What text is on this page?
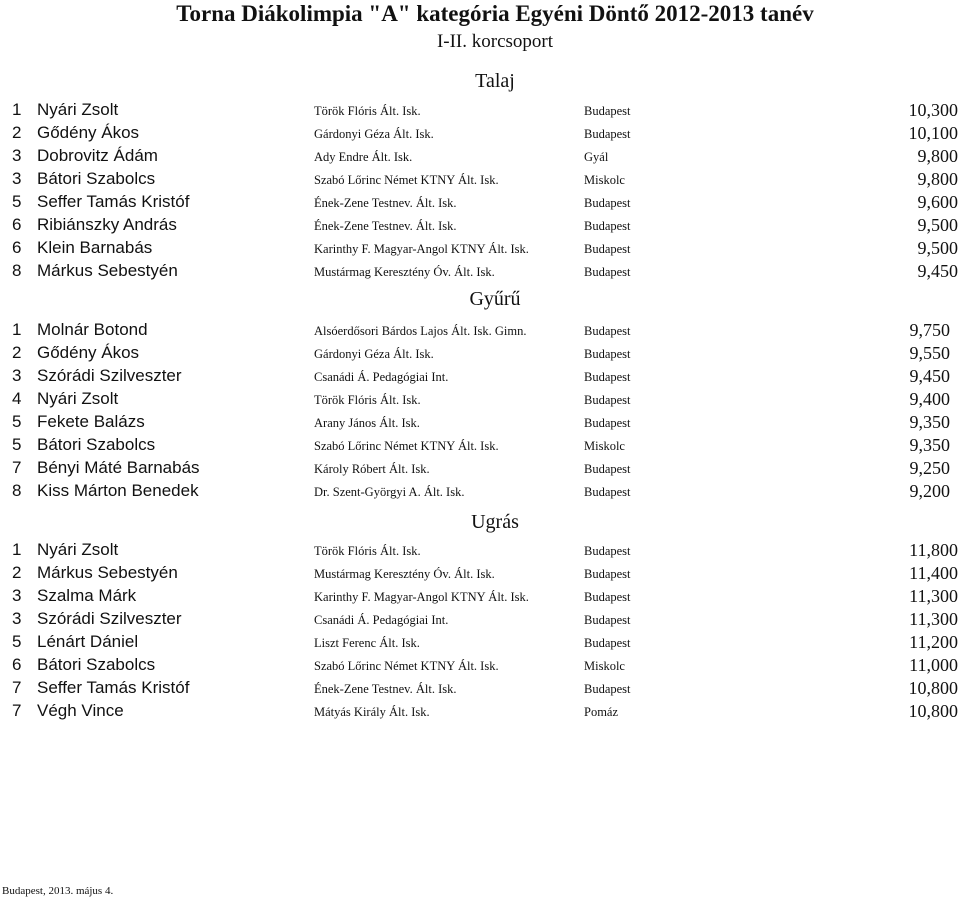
Torna Diákolimpia "A" kategória Egyéni Döntő 2012-2013 tanév
I-II. korcsoport
Talaj
1 Nyári Zsolt	Török Flóris Ált. Isk.	Budapest	10,300
2 Gődény Ákos	Gárdonyi Géza Ált. Isk.	Budapest	10,100
3 Dobrovitz Ádám	Ady Endre Ált. Isk.	Gyál	9,800
3 Bátori Szabolcs	Szabó Lőrinc Német KTNY Ált. Isk.	Miskolc	9,800
5 Seffer Tamás Kristóf	Ének-Zene Testnev. Ált. Isk.	Budapest	9,600
6 Ribiánszky András	Ének-Zene Testnev. Ált. Isk.	Budapest	9,500
6 Klein Barnabás	Karinthy F. Magyar-Angol KTNY Ált. Isk.	Budapest	9,500
8 Márkus Sebestyén	Mustármag Keresztény Óv. Ált. Isk.	Budapest	9,450
Gyűrű
1 Molnár Botond	Alsóerdősori Bárdos Lajos Ált. Isk. Gimn.	Budapest	9,750
2 Gődény Ákos	Gárdonyi Géza Ált. Isk.	Budapest	9,550
3 Szórádi Szilveszter	Csanádi Á. Pedagógiai Int.	Budapest	9,450
4 Nyári Zsolt	Török Flóris Ált. Isk.	Budapest	9,400
5 Fekete Balázs	Arany János Ált. Isk.	Budapest	9,350
5 Bátori Szabolcs	Szabó Lőrinc Német KTNY Ált. Isk.	Miskolc	9,350
7 Bényi Máté Barnabás	Károly Róbert Ált. Isk.	Budapest	9,250
8 Kiss Márton Benedek	Dr. Szent-Györgyi A. Ált. Isk.	Budapest	9,200
Ugrás
1 Nyári Zsolt	Török Flóris Ált. Isk.	Budapest	11,800
2 Márkus Sebestyén	Mustármag Keresztény Óv. Ált. Isk.	Budapest	11,400
3 Szalma Márk	Karinthy F. Magyar-Angol KTNY Ált. Isk.	Budapest	11,300
3 Szórádi Szilveszter	Csanádi Á. Pedagógiai Int.	Budapest	11,300
5 Lénárt Dániel	Liszt Ferenc Ált. Isk.	Budapest	11,200
6 Bátori Szabolcs	Szabó Lőrinc Német KTNY Ált. Isk.	Miskolc	11,000
7 Seffer Tamás Kristóf	Ének-Zene Testnev. Ált. Isk.	Budapest	10,800
7 Végh Vince	Mátyás Király Ált. Isk.	Pomáz	10,800
Budapest, 2013. május 4.
